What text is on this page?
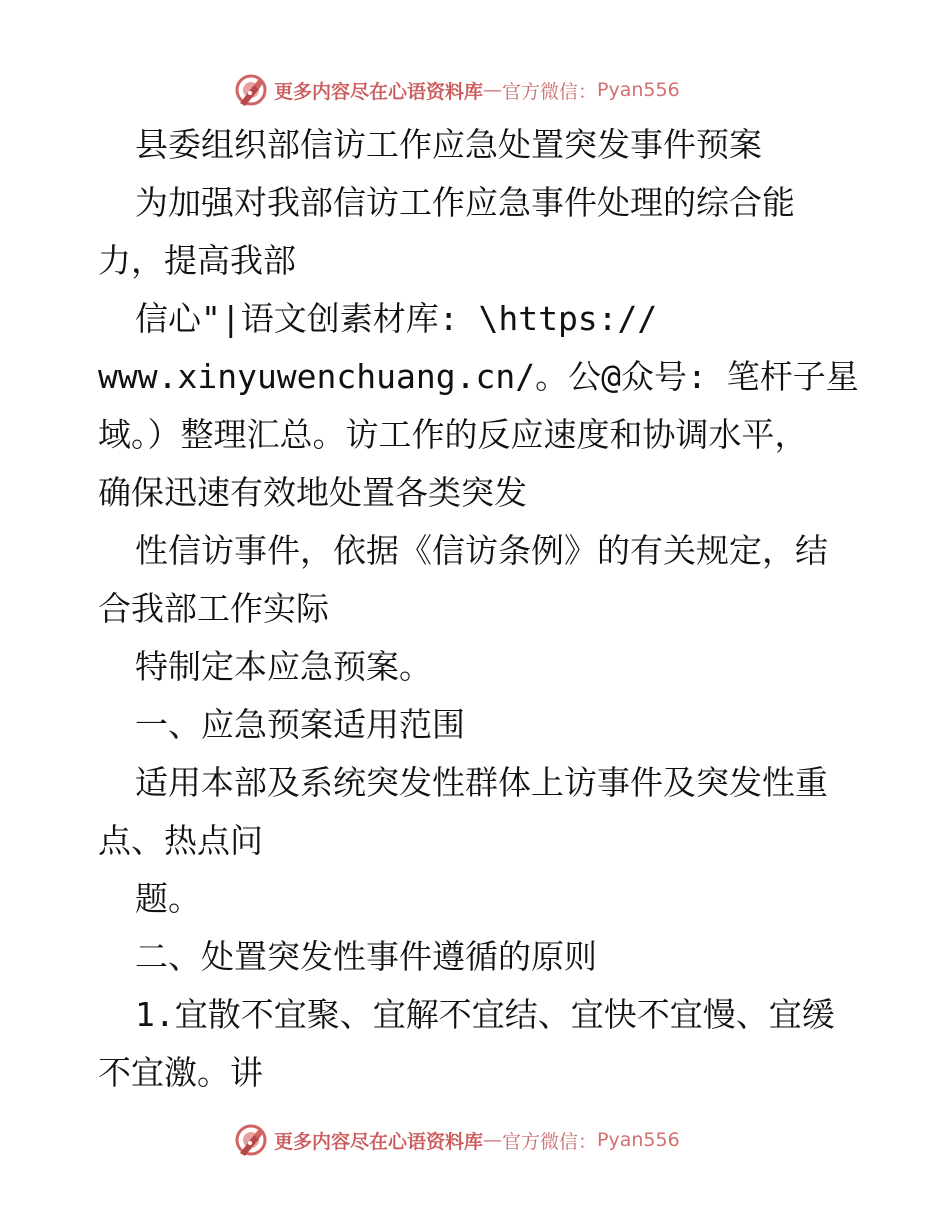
更多内容尽在心语资料库 — 官方微信： Pyan556
县委组织部信访工作应急处置突发事件预案
为加强对我部信访工作应急事件处理的综合能
力，提高我部
信心"|语文创素材库: \https://
www.xinyuwenchuang.cn/。公@众号: 笔杆子星
域。）整理汇总。访工作的反应速度和协调水平，
确保迅速有效地处置各类突发
性信访事件，依据《信访条例》的有关规定，结
合我部工作实际
特制定本应急预案。
一、应急预案适用范围
适用本部及系统突发性群体上访事件及突发性重
点、热点问
题。
二、处置突发性事件遵循的原则
1.宜散不宜聚、宜解不宜结、宜快不宜慢、宜缓
不宜激。讲
更多内容尽在心语资料库 — 官方微信： Pyan556
